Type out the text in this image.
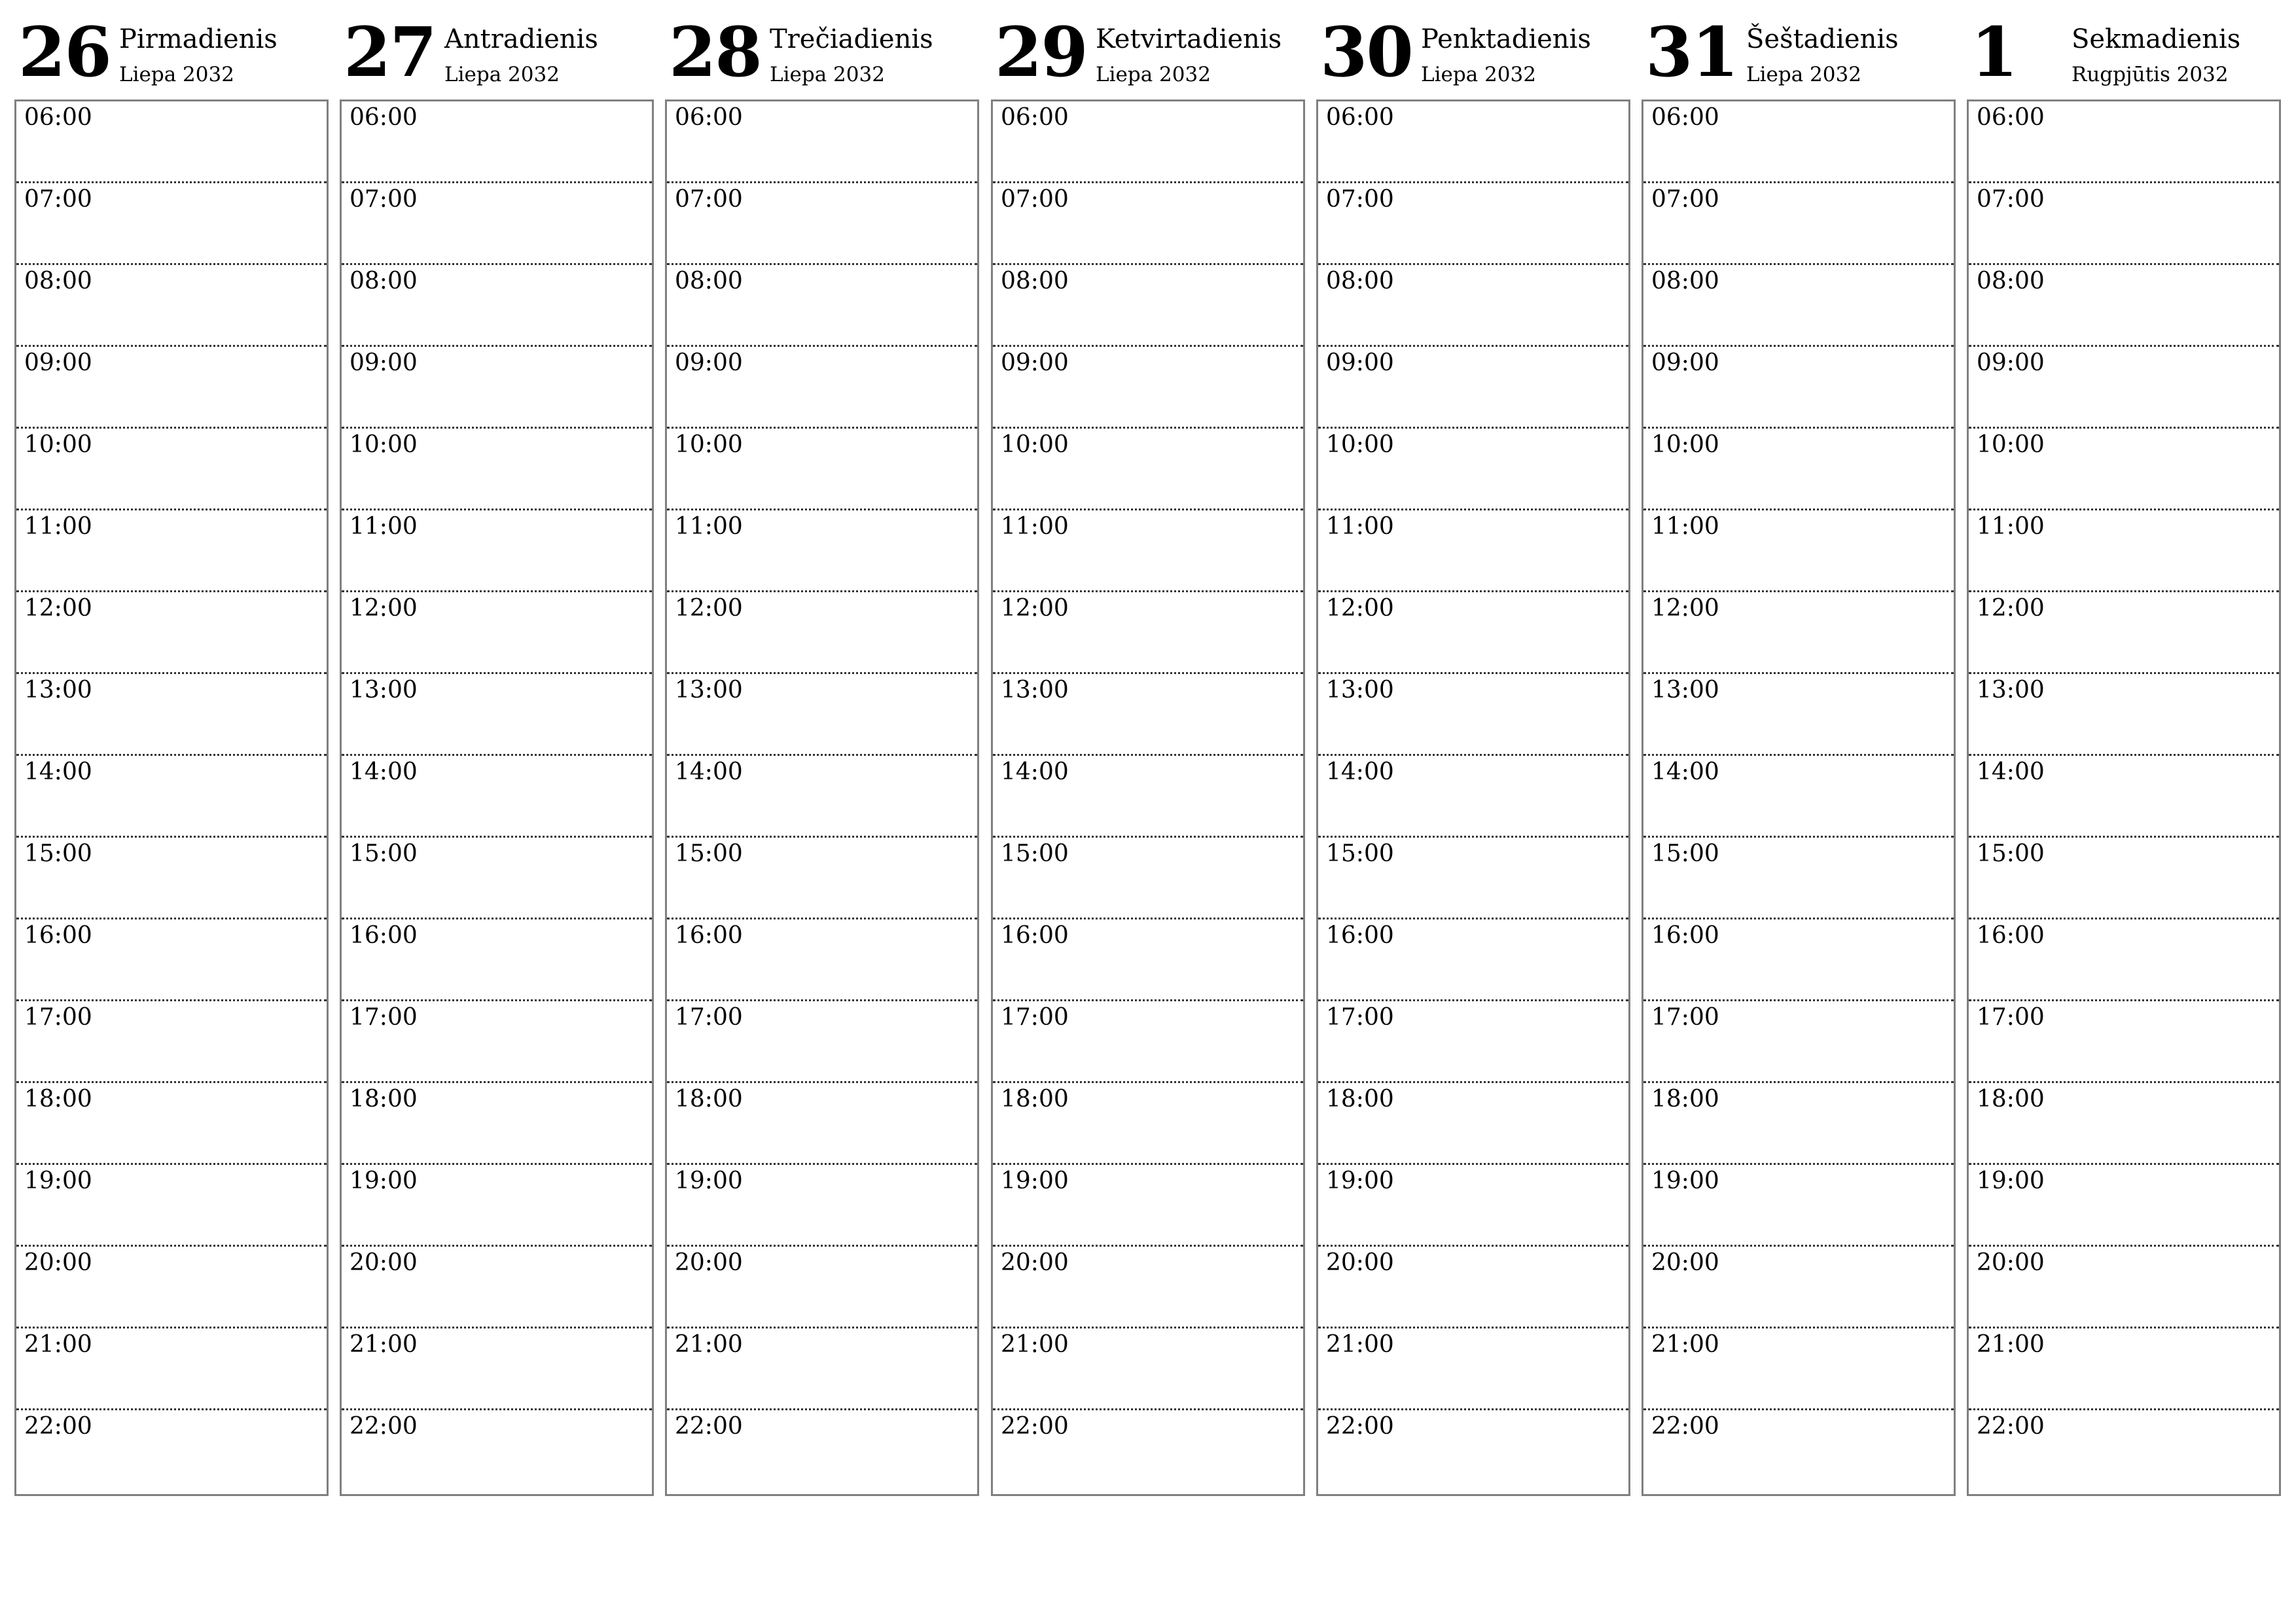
26 Pirmadienis
Liepa 2032
06:00
07:00
08:00
09:00
10:00
11:00
12:00
13:00
14:00
15:00
16:00
17:00
18:00
19:00
20:00
21:00
22:00
27 Antradienis
Liepa 2032
06:00
07:00
08:00
09:00
10:00
11:00
12:00
13:00
14:00
15:00
16:00
17:00
18:00
19:00
20:00
21:00
22:00
28 Trečiadienis
Liepa 2032
06:00
07:00
08:00
09:00
10:00
11:00
12:00
13:00
14:00
15:00
16:00
17:00
18:00
19:00
20:00
21:00
22:00
29 Ketvirtadienis
Liepa 2032
06:00
07:00
08:00
09:00
10:00
11:00
12:00
13:00
14:00
15:00
16:00
17:00
18:00
19:00
20:00
21:00
22:00
30 Penktadienis
Liepa 2032
06:00
07:00
08:00
09:00
10:00
11:00
12:00
13:00
14:00
15:00
16:00
17:00
18:00
19:00
20:00
21:00
22:00
31 Šeštadienis
Liepa 2032
06:00
07:00
08:00
09:00
10:00
11:00
12:00
13:00
14:00
15:00
16:00
17:00
18:00
19:00
20:00
21:00
22:00
1 Sekmadienis
Rugpjūtis 2032
06:00
07:00
08:00
09:00
10:00
11:00
12:00
13:00
14:00
15:00
16:00
17:00
18:00
19:00
20:00
21:00
22:00
